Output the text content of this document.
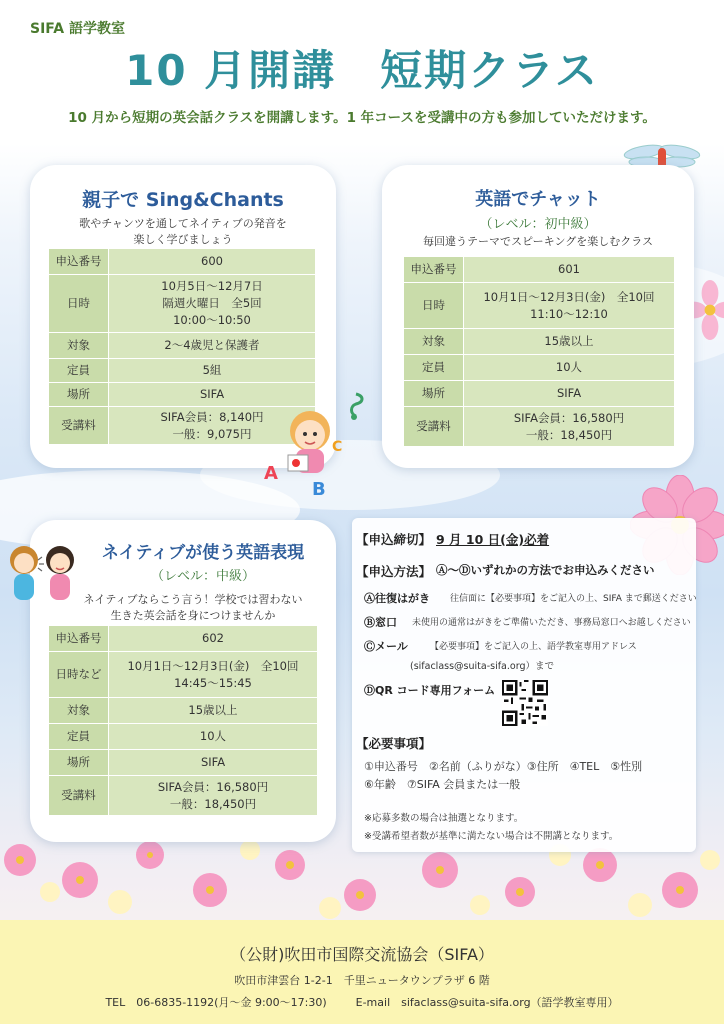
SIFA 語学教室
10 月開講　短期クラス
10 月から短期の英会話クラスを開講します。1 年コースを受講中の方も参加していただけます。
親子で Sing&Chants
歌やチャンツを通してネイティブの発音を
楽しく学びましょう
申込番号	600
日時	10月5日～12月7日
隔週火曜日　全5回
10:00～10:50

対象	2～4歳児と保護者
定員	5組
場所	SIFA
受講料	SIFA会員：8,140円
一般：9,075円
A
B
C
英語でチャット
（レベル：初中級）
毎回違うテーマでスピーキングを楽しむクラス
申込番号	601
日時	10月1日～12月3日(金)　全10回
11:10～12:10

対象	15歳以上
定員	10人
場所	SIFA
受講料	SIFA会員：16,580円
一般：18,450円
ネイティブが使う英語表現
（レベル：中級）
ネイティブならこう言う！学校では習わない
生きた英会話を身につけませんか
申込番号	602
日時など	10月1日～12月3日(金)　全10回
14:45～15:45

対象	15歳以上
定員	10人
場所	SIFA
受講料	SIFA会員：16,580円
一般：18,450円
【申込締切】 9 月 10 日(金)必着
【申込方法】 Ⓐ～Ⓓいずれかの方法でお申込みください
Ⓐ往復はがき 往信面に【必要事項】をご記入の上、SIFA まで郵送ください
Ⓑ窓口 未使用の通常はがきをご準備いただき、事務局窓口へお越しください
Ⓒメール 【必要事項】をご記入の上、語学教室専用アドレス
(sifaclass@suita-sifa.org）まで
ⒹQR コード専用フォーム
【必要事項】
①申込番号　②名前（ふりがな）③住所　④TEL　⑤性別
⑥年齢　⑦SIFA 会員または一般
※応募多数の場合は抽選となります。
※受講希望者数が基準に満たない場合は不開講となります。
（公財)吹田市国際交流協会（SIFA）
吹田市津雲台 1-2-1　千里ニュータウンプラザ 6 階
TEL　06-6835-1192(月～金 9:00～17:30) 　　	E-mail　sifaclass@suita-sifa.org（語学教室専用）
